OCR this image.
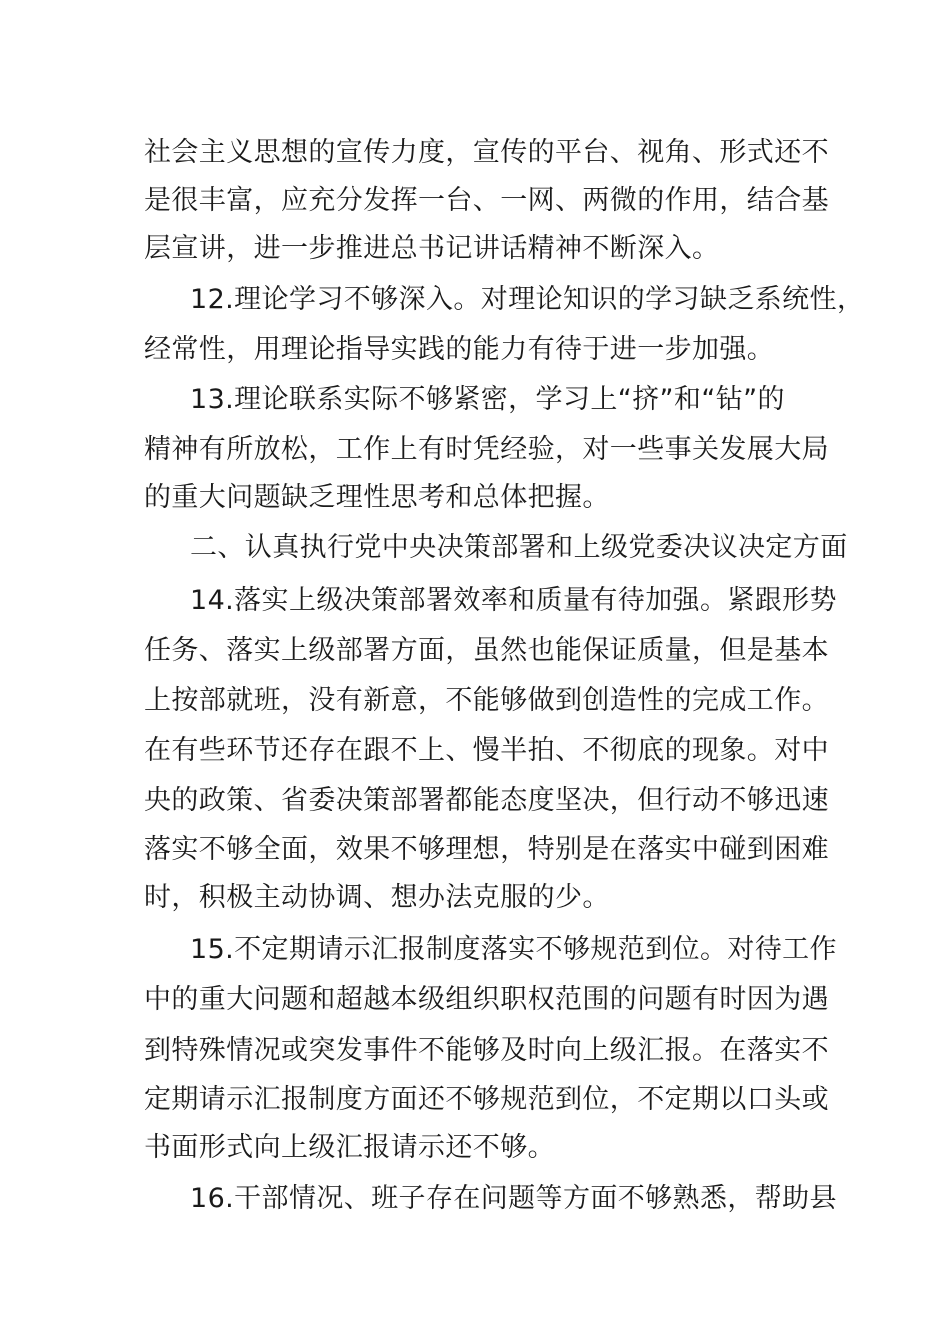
社会主义思想的宣传力度，宣传的平台、视角、形式还不
是很丰富，应充分发挥一台、一网、两微的作用，结合基
层宣讲，进一步推进总书记讲话精神不断深入。
12.理论学习不够深入。对理论知识的学习缺乏系统性，
经常性，用理论指导实践的能力有待于进一步加强。
13.理论联系实际不够紧密，学习上“挤”和“钻”的
精神有所放松，工作上有时凭经验，对一些事关发展大局
的重大问题缺乏理性思考和总体把握。
二、认真执行党中央决策部署和上级党委决议决定方面
14.落实上级决策部署效率和质量有待加强。紧跟形势
任务、落实上级部署方面，虽然也能保证质量，但是基本
上按部就班，没有新意，不能够做到创造性的完成工作。
在有些环节还存在跟不上、慢半拍、不彻底的现象。对中
央的政策、省委决策部署都能态度坚决，但行动不够迅速
落实不够全面，效果不够理想，特别是在落实中碰到困难
时，积极主动协调、想办法克服的少。
15.不定期请示汇报制度落实不够规范到位。对待工作
中的重大问题和超越本级组织职权范围的问题有时因为遇
到特殊情况或突发事件不能够及时向上级汇报。在落实不
定期请示汇报制度方面还不够规范到位，不定期以口头或
书面形式向上级汇报请示还不够。
16.干部情况、班子存在问题等方面不够熟悉，帮助县
